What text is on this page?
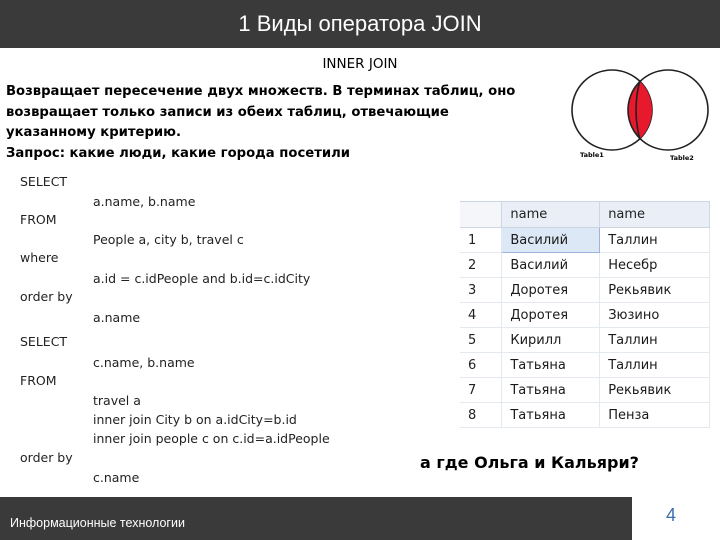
1 Виды оператора JOIN
INNER JOIN
Возвращает пересечение двух множеств. В терминах таблиц, оно
возвращает только записи из обеих таблиц, отвечающие
указанному критерию.
Запрос: какие люди, какие города посетили	Table1	Table2
SELECT
a.name, b.name
FROM
People a, city b, travel c
where
a.id = c.idPeople and b.id=c.idCity
order by
a.name
SELECT
c.name, b.name
FROM
travel a
inner join City b on a.idCity=b.id
inner join people c on c.id=a.idPeople
order by
c.name
	name	name
1	Василий	Таллин
2	Василий	Несебр
3	Доротея	Рекьявик
4	Доротея	Зюзино
5	Кирилл	Таллин
6	Татьяна	Таллин
7	Татьяна	Рекьявик
8	Татьяна	Пенза
а где Ольга и Кальяри?
Информационные технологии	4
